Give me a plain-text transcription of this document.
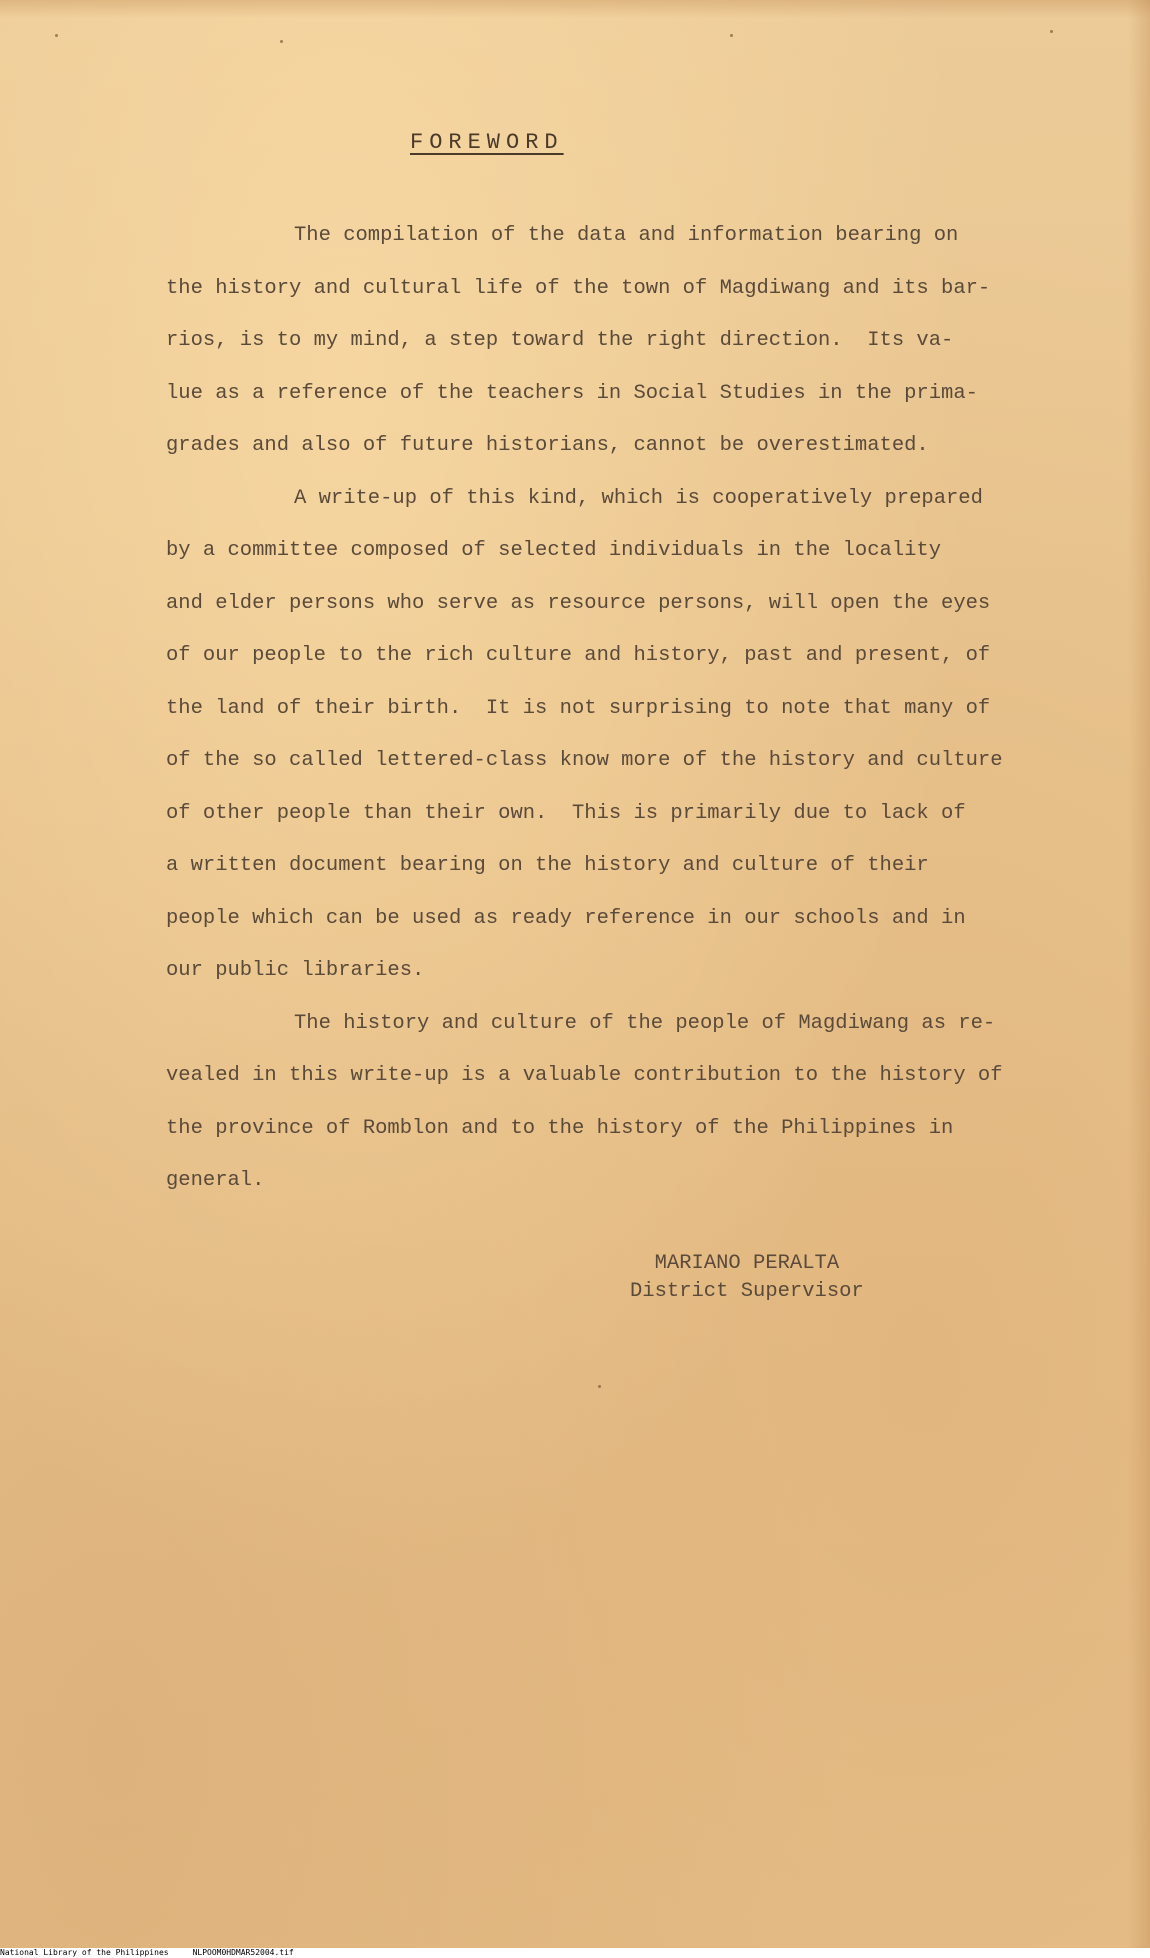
FOREWORD
The compilation of the data and information bearing on
the history and cultural life of the town of Magdiwang and its bar-
rios, is to my mind, a step toward the right direction.  Its va-
lue as a reference of the teachers in Social Studies in the prima-
grades and also of future historians, cannot be overestimated.
A write-up of this kind, which is cooperatively prepared
by a committee composed of selected individuals in the locality
and elder persons who serve as resource persons, will open the eyes
of our people to the rich culture and history, past and present, of
the land of their birth.  It is not surprising to note that many of
of the so called lettered-class know more of the history and culture
of other people than their own.  This is primarily due to lack of
a written document bearing on the history and culture of their
people which can be used as ready reference in our schools and in
our public libraries.
The history and culture of the people of Magdiwang as re-
vealed in this write-up is a valuable contribution to the history of
the province of Romblon and to the history of the Philippines in
general.
MARIANO PERALTA
District Supervisor
National Library of the Philippines	NLPOOM0HDMAR52004.tif
